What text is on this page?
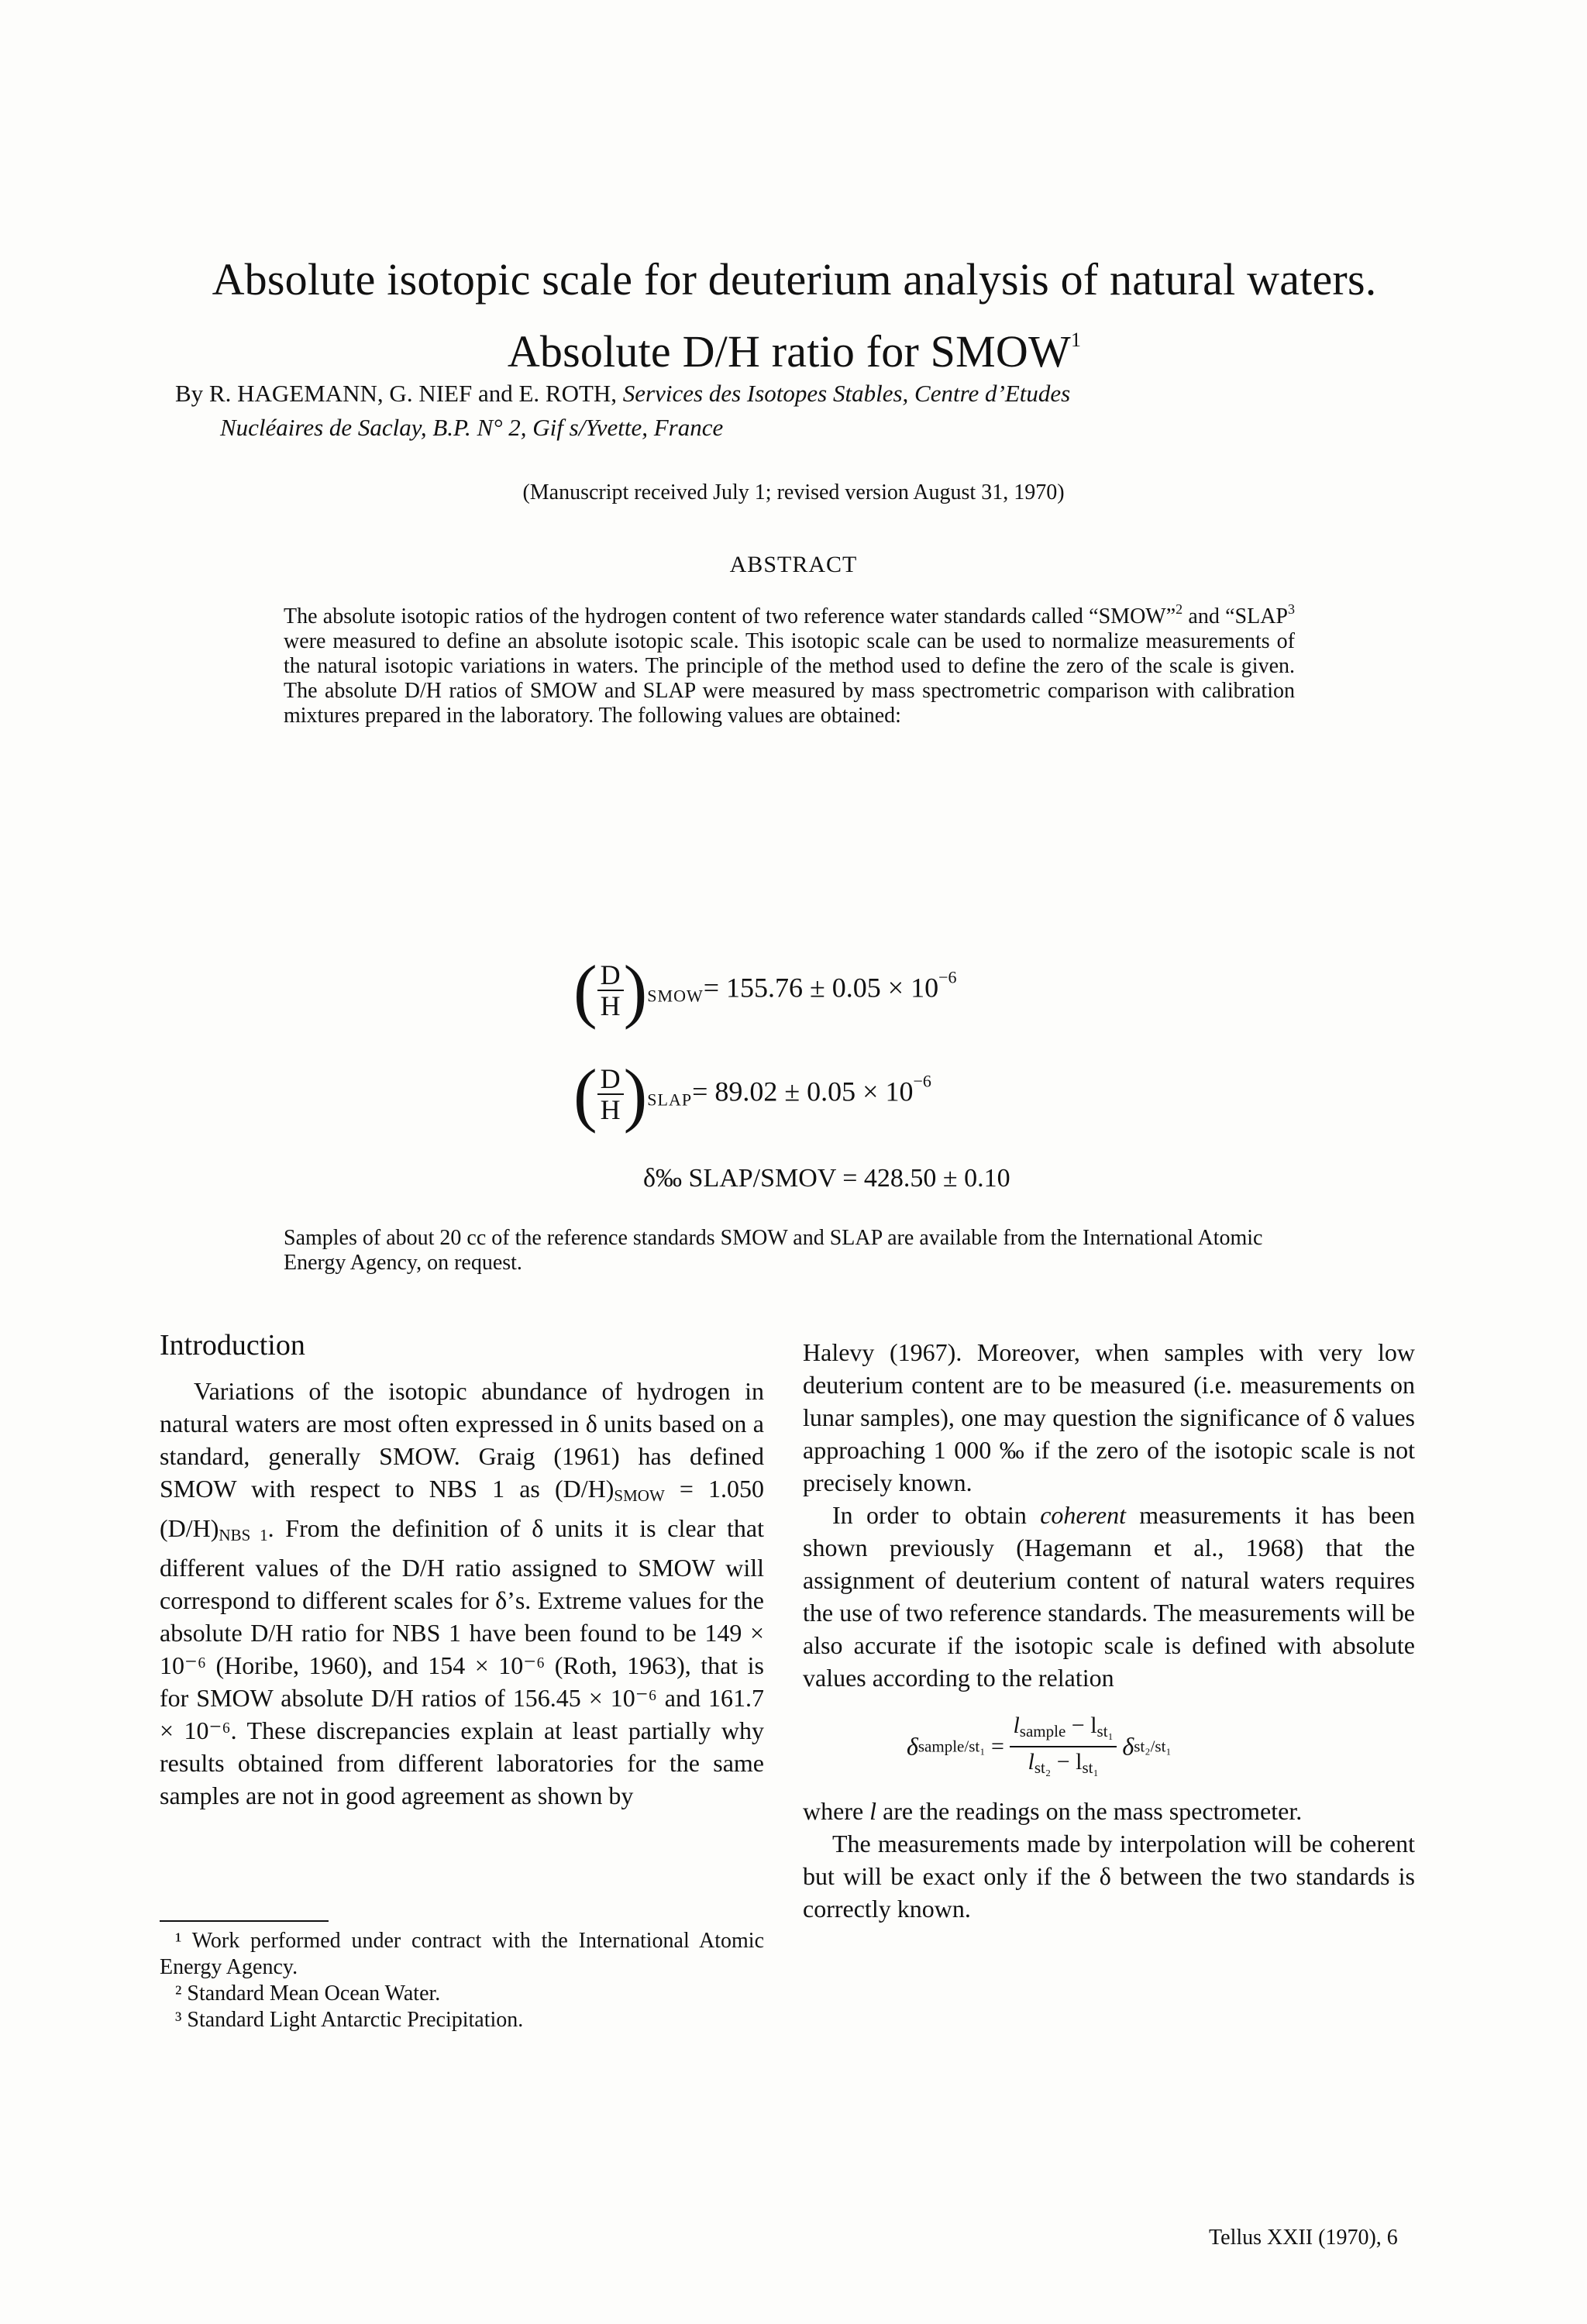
Absolute isotopic scale for deuterium analysis of natural waters.
Absolute D/H ratio for SMOW$^1$
By R. HAGEMANN, G. NIEF and E. ROTH, Services des Isotopes Stables, Centre d’Etudes
Nucléaires de Saclay, B.P. N° 2, Gif s/Yvette, France
(Manuscript received July 1; revised version August 31, 1970)
ABSTRACT
The absolute isotopic ratios of the hydrogen content of two reference water standards called “SMOW”$^2$ and “SLAP$^3$ were measured to define an absolute isotopic scale. This isotopic scale can be used to normalize measurements of the natural isotopic variations in waters. The principle of the method used to define the zero of the scale is given. The absolute D/H ratios of SMOW and SLAP were measured by mass spectrometric comparison with calibration mixtures prepared in the laboratory. The following values are obtained:
( $\frac{D}{H}$ )SMOW= $155.76 \pm 0.05 \times 10^{-6}$
( $\frac{D}{H}$ )SLAP= $89.02 \pm 0.05 \times 10^{-6}$
δ‰ SLAP/SMOV = 428.50 ± 0.10
Samples of about 20 cc of the reference standards SMOW and SLAP are available from the International Atomic Energy Agency, on request.
Introduction
Variations of the isotopic abundance of hydrogen in natural waters are most often expressed in δ units based on a standard, generally SMOW. Graig (1961) has defined SMOW with respect to NBS 1 as (D/H)SMOW = 1.050 (D/H)NBS 1. From the definition of δ units it is clear that different values of the D/H ratio assigned to SMOW will correspond to different scales for δ’s. Extreme values for the absolute D/H ratio for NBS 1 have been found to be 149 × 10⁻⁶ (Horibe, 1960), and 154 × 10⁻⁶ (Roth, 1963), that is for SMOW absolute D/H ratios of 156.45 × 10⁻⁶ and 161.7 × 10⁻⁶. These discrepancies explain at least partially why results obtained from different laboratories for the same samples are not in good agreement as shown by
¹ Work performed under contract with the International Atomic Energy Agency.
² Standard Mean Ocean Water.
³ Standard Light Antarctic Precipitation.
Halevy (1967). Moreover, when samples with very low deuterium content are to be measured (i.e. measurements on lunar samples), one may question the significance of δ values approaching 1 000 ‰ if the zero of the isotopic scale is not precisely known.
In order to obtain coherent measurements it has been shown previously (Hagemann et al., 1968) that the assignment of deuterium content of natural waters requires the use of two reference standards. The measurements will be also accurate if the isotopic scale is defined with absolute values according to the relation
where l are the readings on the mass spectrometer.
The measurements made by interpolation will be coherent but will be exact only if the δ between the two standards is correctly known.
δsample/st₁ = $\frac{\text{lsample − lst₁}}{\text{lst₂ − lst₁}} \delta st_2/st_1$
Tellus XXII (1970), 6
